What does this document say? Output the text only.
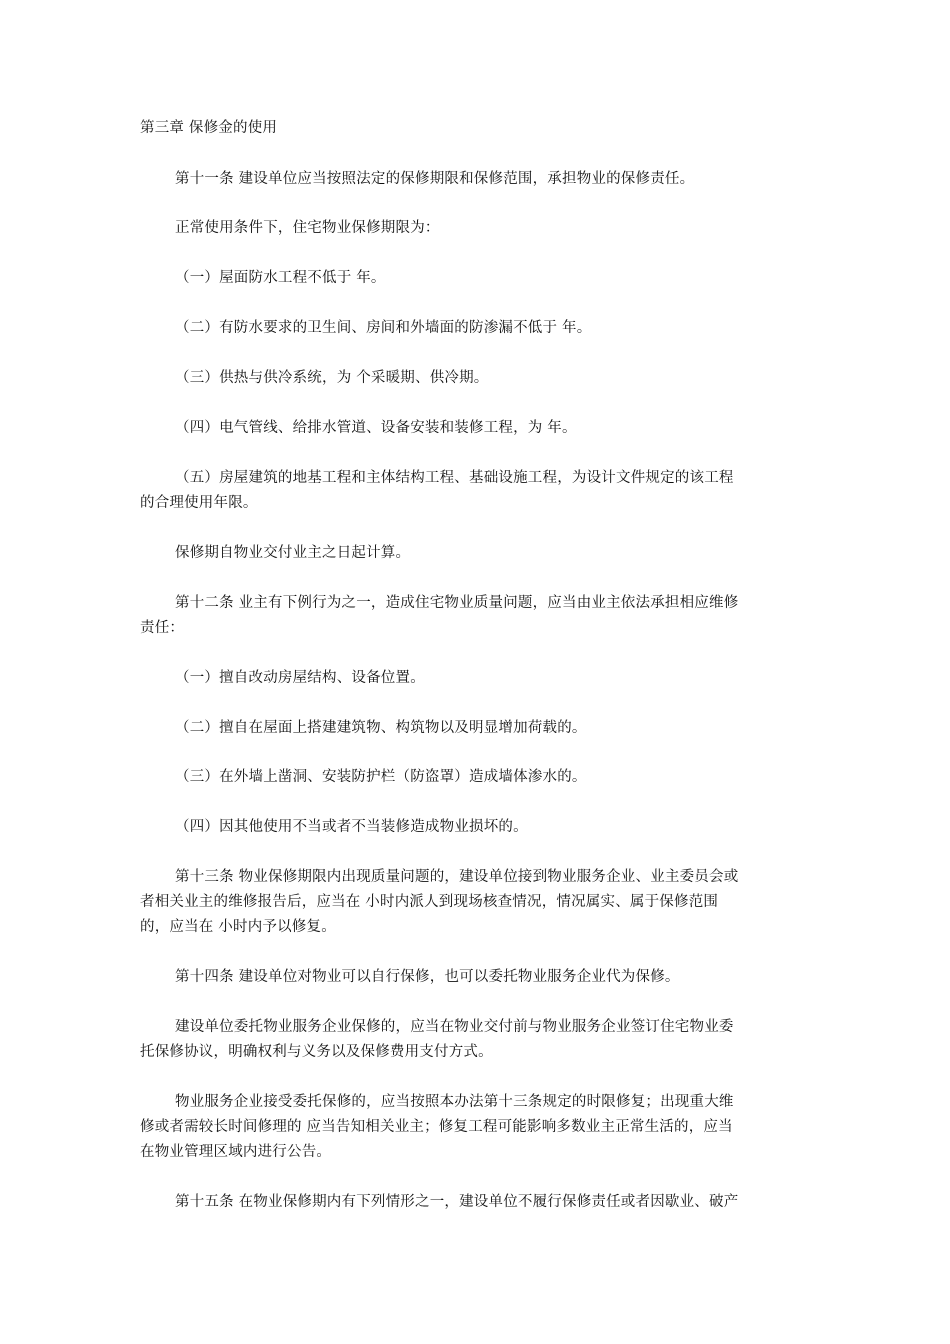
第三章 保修金的使用
第十一条 建设单位应当按照法定的保修期限和保修范围，承担物业的保修责任。
正常使用条件下，住宅物业保修期限为：
（一）屋面防水工程不低于 年。
（二）有防水要求的卫生间、房间和外墙面的防渗漏不低于 年。
（三）供热与供冷系统，为 个采暖期、供冷期。
（四）电气管线、给排水管道、设备安装和装修工程，为 年。
（五）房屋建筑的地基工程和主体结构工程、基础设施工程，为设计文件规定的该工程
的合理使用年限。
保修期自物业交付业主之日起计算。
第十二条 业主有下例行为之一，造成住宅物业质量问题，应当由业主依法承担相应维修
责任：
（一）擅自改动房屋结构、设备位置。
（二）擅自在屋面上搭建建筑物、构筑物以及明显增加荷载的。
（三）在外墙上凿洞、安装防护栏（防盗罩）造成墙体渗水的。
（四）因其他使用不当或者不当装修造成物业损坏的。
第十三条 物业保修期限内出现质量问题的，建设单位接到物业服务企业、业主委员会或
者相关业主的维修报告后，应当在 小时内派人到现场核查情况，情况属实、属于保修范围
的，应当在 小时内予以修复。
第十四条 建设单位对物业可以自行保修，也可以委托物业服务企业代为保修。
建设单位委托物业服务企业保修的，应当在物业交付前与物业服务企业签订住宅物业委
托保修协议，明确权利与义务以及保修费用支付方式。
物业服务企业接受委托保修的，应当按照本办法第十三条规定的时限修复；出现重大维
修或者需较长时间修理的 应当告知相关业主；修复工程可能影响多数业主正常生活的，应当
在物业管理区域内进行公告。
第十五条 在物业保修期内有下列情形之一，建设单位不履行保修责任或者因歇业、破产
